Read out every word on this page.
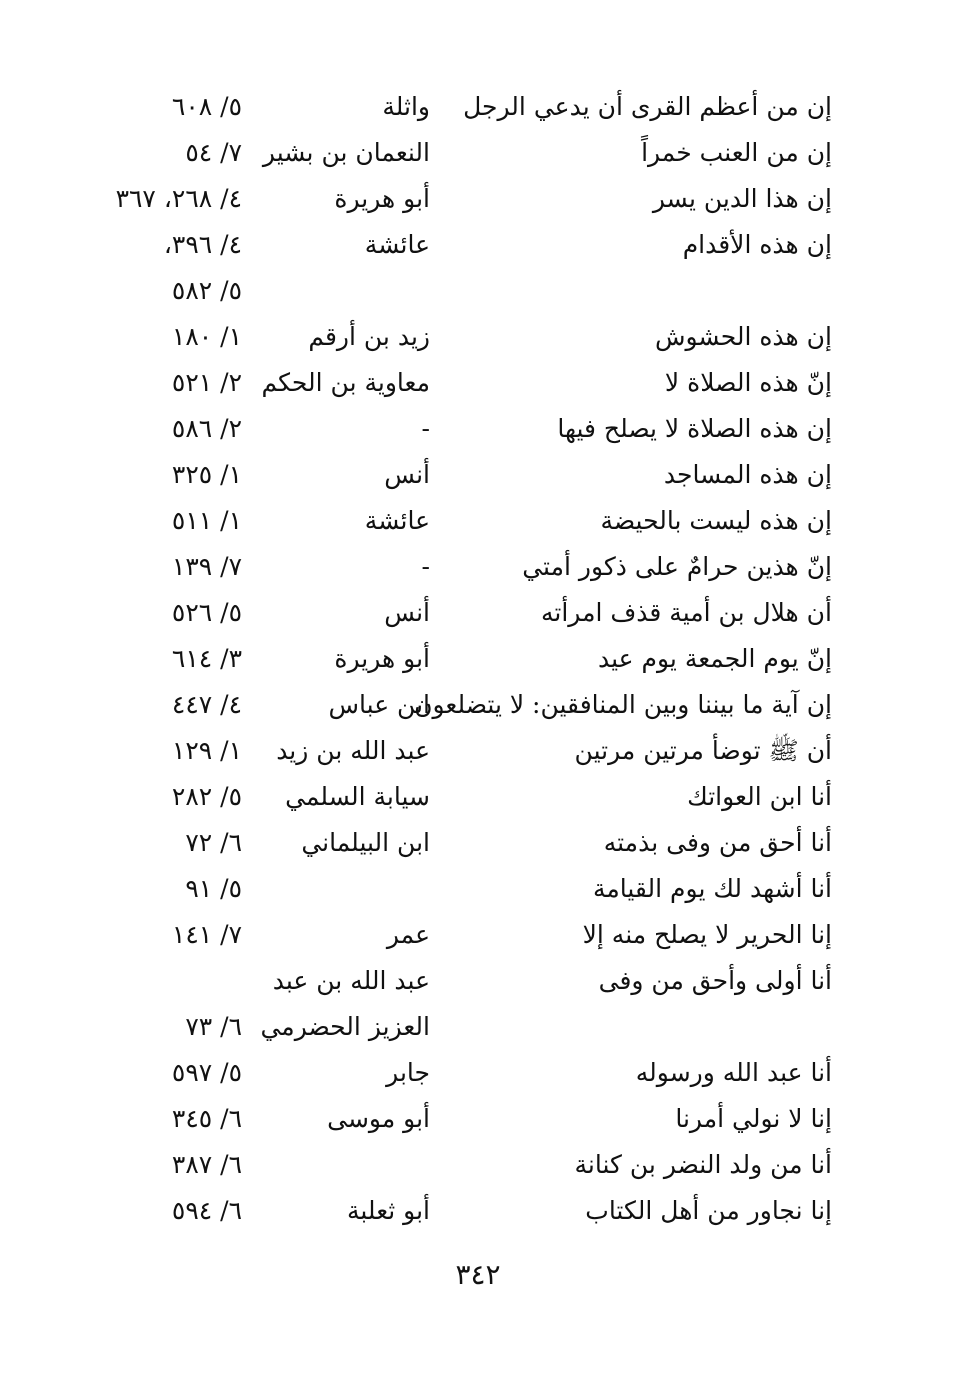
إن من أعظم القرى أن يدعي الرجل
واثلة
٥/ ٦٠٨
إن من العنب خمراً
النعمان بن بشير
٧/ ٥٤
إن هذا الدين يسر
أبو هريرة
٤/ ٢٦٨، ٣٦٧
إن هذه الأقدام
عائشة
٤/ ٣٩٦،
٥/ ٥٨٢
إن هذه الحشوش
زيد بن أرقم
١/ ١٨٠
إنّ هذه الصلاة لا
معاوية بن الحكم
٢/ ٥٢١
إن هذه الصلاة لا يصلح فيها
-
٢/ ٥٨٦
إن هذه المساجد
أنس
١/ ٣٢٥
إن هذه ليست بالحيضة
عائشة
١/ ٥١١
إنّ هذين حرامٌ على ذكور أمتي
-
٧/ ١٣٩
أن هلال بن أمية قذف امرأته
أنس
٥/ ٥٢٦
إنّ يوم الجمعة يوم عيد
أبو هريرة
٣/ ٦١٤
إن آية ما بيننا وبين المنافقين: لا يتضلعون
ابن عباس
٤/ ٤٤٧
أن ﷺ توضأ مرتين مرتين
عبد الله بن زيد
١/ ١٢٩
أنا ابن العواتك
سيابة السلمي
٥/ ٢٨٢
أنا أحق من وفى بذمته
ابن البيلماني
٦/ ٧٢
أنا أشهد لك يوم القيامة
٥/ ٩١
إنا الحرير لا يصلح منه إلا
عمر
٧/ ١٤١
أنا أولى وأحق من وفى
عبد الله بن عبد
العزيز الحضرمي
٦/ ٧٣
أنا عبد الله ورسوله
جابر
٥/ ٥٩٧
إنا لا نولي أمرنا
أبو موسى
٦/ ٣٤٥
أنا من ولد النضر بن كنانة
٦/ ٣٨٧
إنا نجاور من أهل الكتاب
أبو ثعلبة
٦/ ٥٩٤
٣٤٢
